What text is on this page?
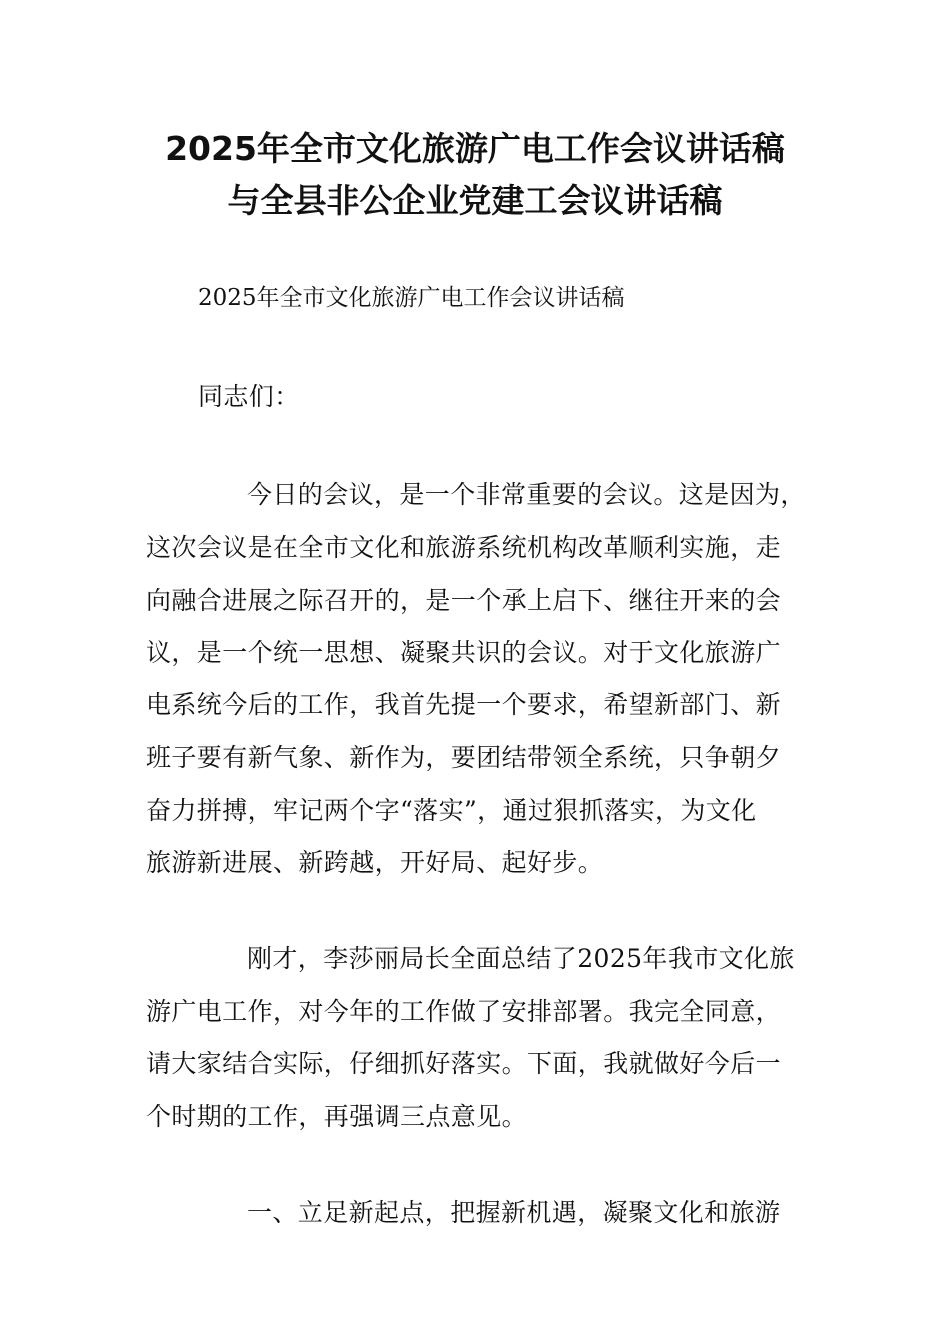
2025年全市文化旅游广电工作会议讲话稿
与全县非公企业党建工会议讲话稿
2025年全市文化旅游广电工作会议讲话稿
同志们：
今日的会议，是一个非常重要的会议。这是因为，
这次会议是在全市文化和旅游系统机构改革顺利实施，走
向融合进展之际召开的，是一个承上启下、继往开来的会
议，是一个统一思想、凝聚共识的会议。对于文化旅游广
电系统今后的工作，我首先提一个要求，希望新部门、新
班子要有新气象、新作为，要团结带领全系统，只争朝夕
奋力拼搏，牢记两个字“落实”，通过狠抓落实，为文化
旅游新进展、新跨越，开好局、起好步。
刚才，李莎丽局长全面总结了2025年我市文化旅
游广电工作，对今年的工作做了安排部署。我完全同意，
请大家结合实际，仔细抓好落实。下面，我就做好今后一
个时期的工作，再强调三点意见。
一、立足新起点，把握新机遇，凝聚文化和旅游
